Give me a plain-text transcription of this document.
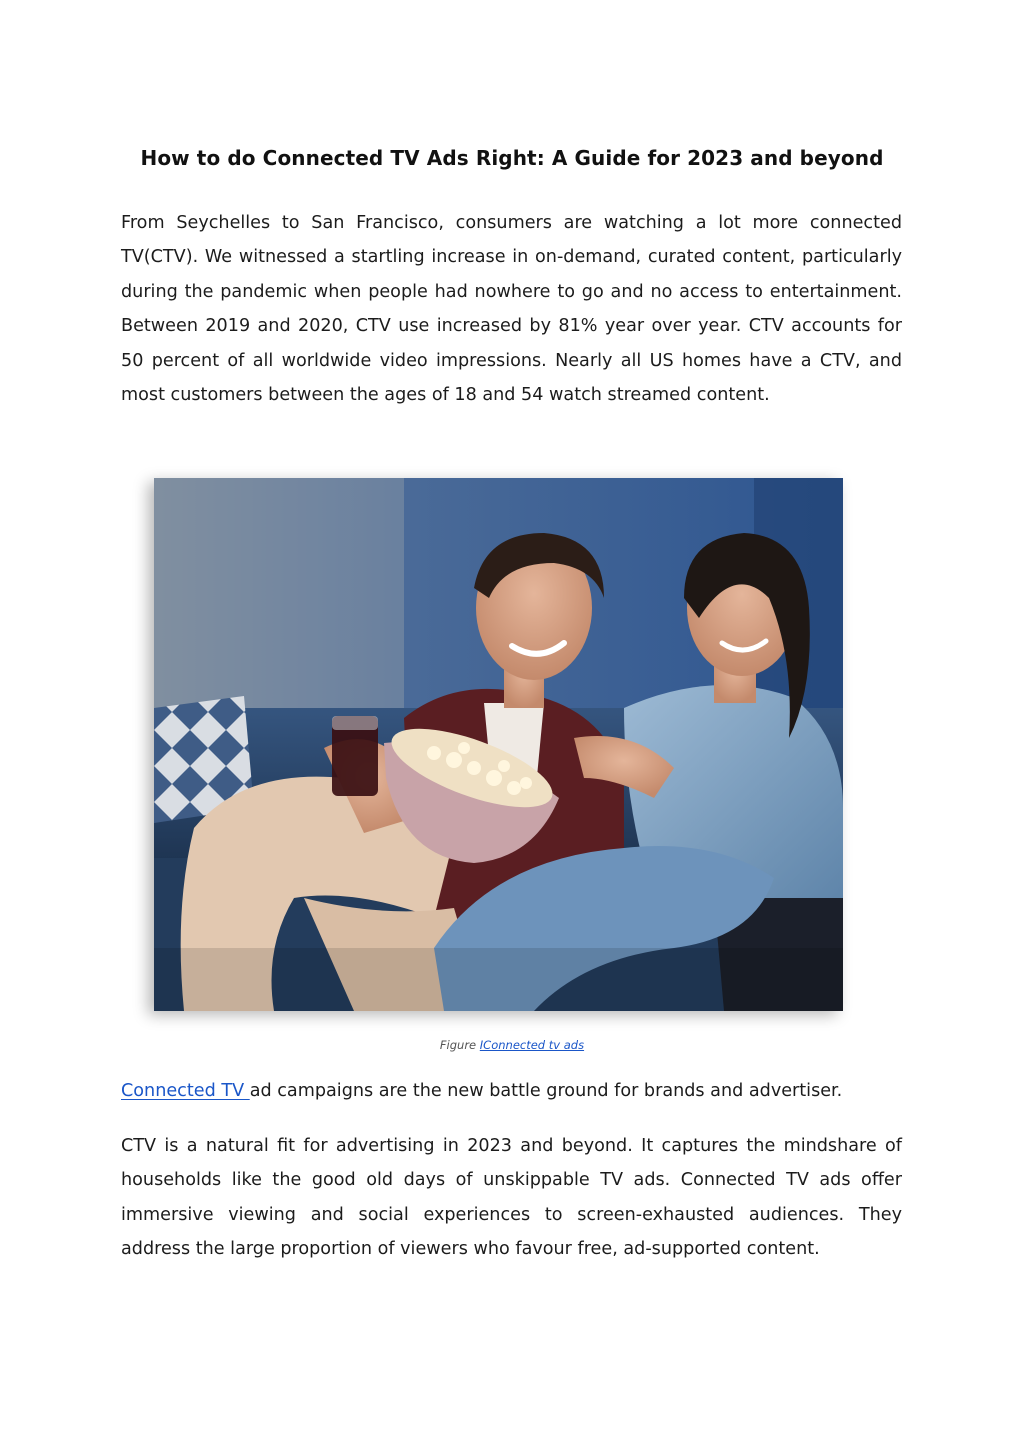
How to do Connected TV Ads Right: A Guide for 2023 and beyond

From Seychelles to San Francisco, consumers are watching a lot more connected TV(CTV). We witnessed a startling increase in on-demand, curated content, particularly during the pandemic when people had nowhere to go and no access to entertainment. Between 2019 and 2020, CTV use increased by 81% year over year. CTV accounts for 50 percent of all worldwide video impressions. Nearly all US homes have a CTV, and most customers between the ages of 18 and 54 watch streamed content.

Figure IConnected tv ads

Connected TV ad campaigns are the new battle ground for brands and advertiser.

CTV is a natural fit for advertising in 2023 and beyond. It captures the mindshare of households like the good old days of unskippable TV ads. Connected TV ads offer immersive viewing and social experiences to screen-exhausted audiences. They address the large proportion of viewers who favour free, ad-supported content.
